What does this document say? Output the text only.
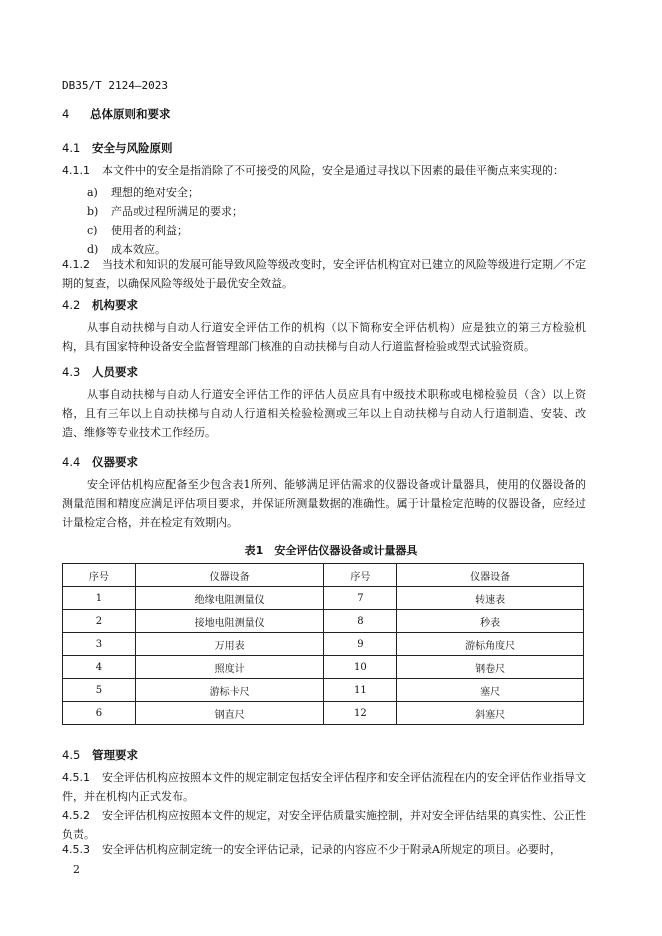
DB35/T 2124—2023
4 总体原则和要求
4.1 安全与风险原则
4.1.1 本文件中的安全是指消除了不可接受的风险，安全是通过寻找以下因素的最佳平衡点来实现的：
a) 理想的绝对安全；
b) 产品或过程所满足的要求；
c) 使用者的利益；
d) 成本效应。
4.1.2 当技术和知识的发展可能导致风险等级改变时，安全评估机构宜对已建立的风险等级进行定期／不定期的复查，以确保风险等级处于最优安全效益。
4.2 机构要求
从事自动扶梯与自动人行道安全评估工作的机构（以下简称安全评估机构）应是独立的第三方检验机构，具有国家特种设备安全监督管理部门核准的自动扶梯与自动人行道监督检验或型式试验资质。
4.3 人员要求
从事自动扶梯与自动人行道安全评估工作的评估人员应具有中级技术职称或电梯检验员（含）以上资格，且有三年以上自动扶梯与自动人行道相关检验检测或三年以上自动扶梯与自动人行道制造、安装、改造、维修等专业技术工作经历。
4.4 仪器要求
安全评估机构应配备至少包含表1所列、能够满足评估需求的仪器设备或计量器具，使用的仪器设备的测量范围和精度应满足评估项目要求，并保证所测量数据的准确性。属于计量检定范畴的仪器设备，应经过计量检定合格，并在检定有效期内。
表1　安全评估仪器设备或计量器具
序号	仪器设备	序号	仪器设备
1	绝缘电阻测量仪	7	转速表
2	接地电阻测量仪	8	秒表
3	万用表	9	游标角度尺
4	照度计	10	钢卷尺
5	游标卡尺	11	塞尺
6	钢直尺	12	斜塞尺
4.5 管理要求
4.5.1 安全评估机构应按照本文件的规定制定包括安全评估程序和安全评估流程在内的安全评估作业指导文件，并在机构内正式发布。
4.5.2 安全评估机构应按照本文件的规定，对安全评估质量实施控制，并对安全评估结果的真实性、公正性负责。
4.5.3 安全评估机构应制定统一的安全评估记录，记录的内容应不少于附录A所规定的项目。必要时，
2
